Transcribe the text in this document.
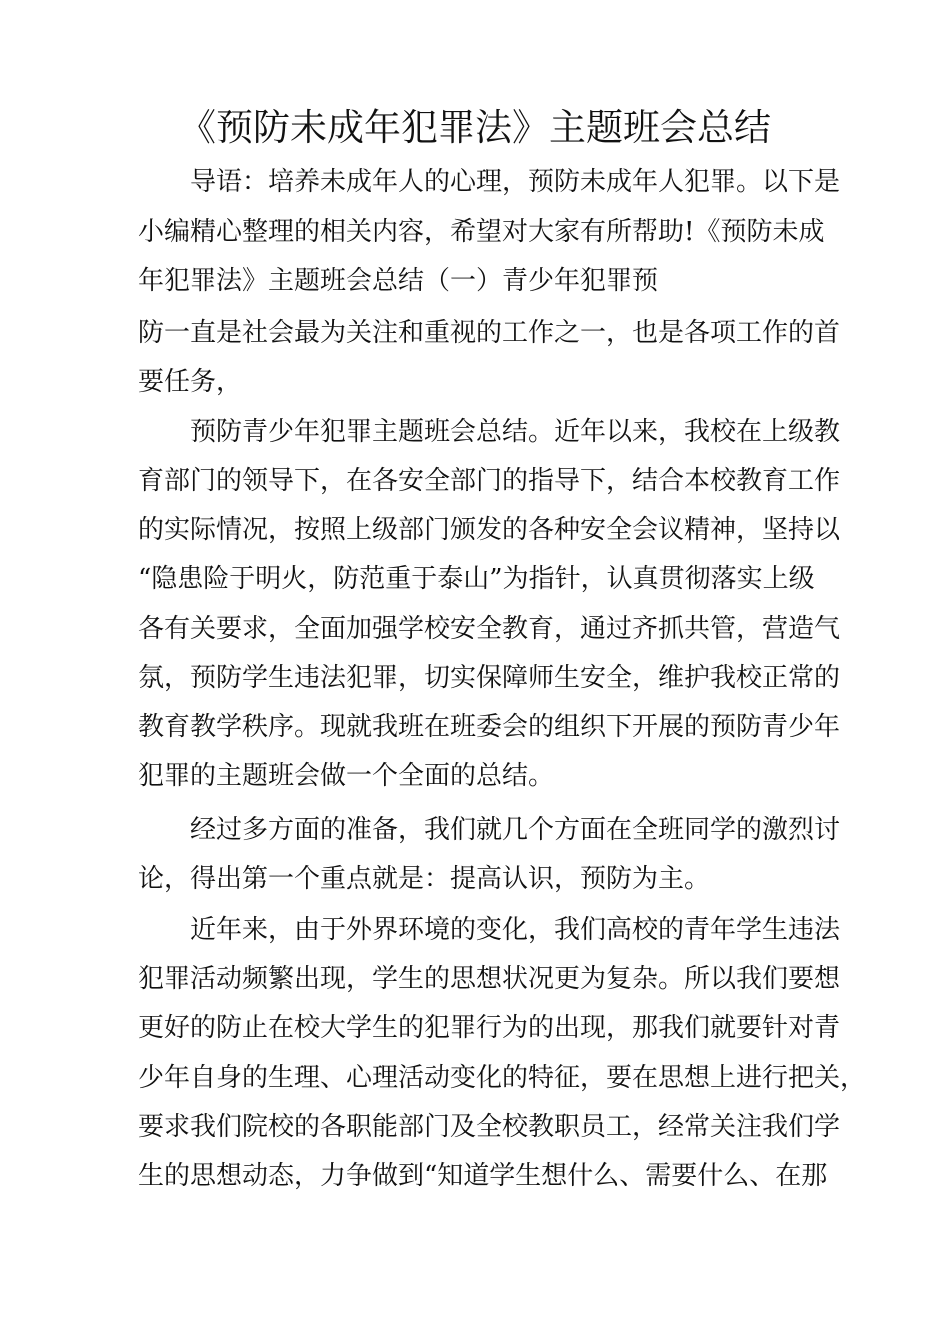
《预防未成年犯罪法》主题班会总结
导语：培养未成年人的心理，预防未成年人犯罪。以下是
小编精心整理的相关内容，希望对大家有所帮助!《预防未成
年犯罪法》主题班会总结（一）青少年犯罪预
防一直是社会最为关注和重视的工作之一，也是各项工作的首
要任务，
预防青少年犯罪主题班会总结。近年以来，我校在上级教
育部门的领导下，在各安全部门的指导下，结合本校教育工作
的实际情况，按照上级部门颁发的各种安全会议精神，坚持以
“隐患险于明火，防范重于泰山”为指针，认真贯彻落实上级
各有关要求，全面加强学校安全教育，通过齐抓共管，营造气
氛，预防学生违法犯罪，切实保障师生安全，维护我校正常的
教育教学秩序。现就我班在班委会的组织下开展的预防青少年
犯罪的主题班会做一个全面的总结。
经过多方面的准备，我们就几个方面在全班同学的激烈讨
论，得出第一个重点就是：提高认识，预防为主。
近年来，由于外界环境的变化，我们高校的青年学生违法
犯罪活动频繁出现，学生的思想状况更为复杂。所以我们要想
更好的防止在校大学生的犯罪行为的出现，那我们就要针对青
少年自身的生理、心理活动变化的特征，要在思想上进行把关，
要求我们院校的各职能部门及全校教职员工，经常关注我们学
生的思想动态，力争做到“知道学生想什么、需要什么、在那
